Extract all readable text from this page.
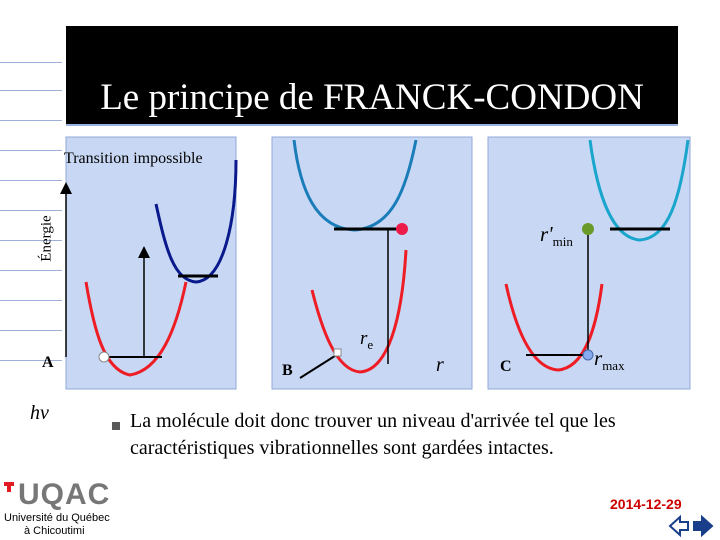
Le principe de FRANCK-CONDON
Transition impossible
Énergie
A	B	C
hν
$r_e$
r
$r'_{min}$
$r_{max}$
La molécule doit donc trouver un niveau d'arrivée tel que les caractéristiques vibrationnelles sont gardées intactes.
UQAC
Université du Québec
à Chicoutimi
2014-12-29
